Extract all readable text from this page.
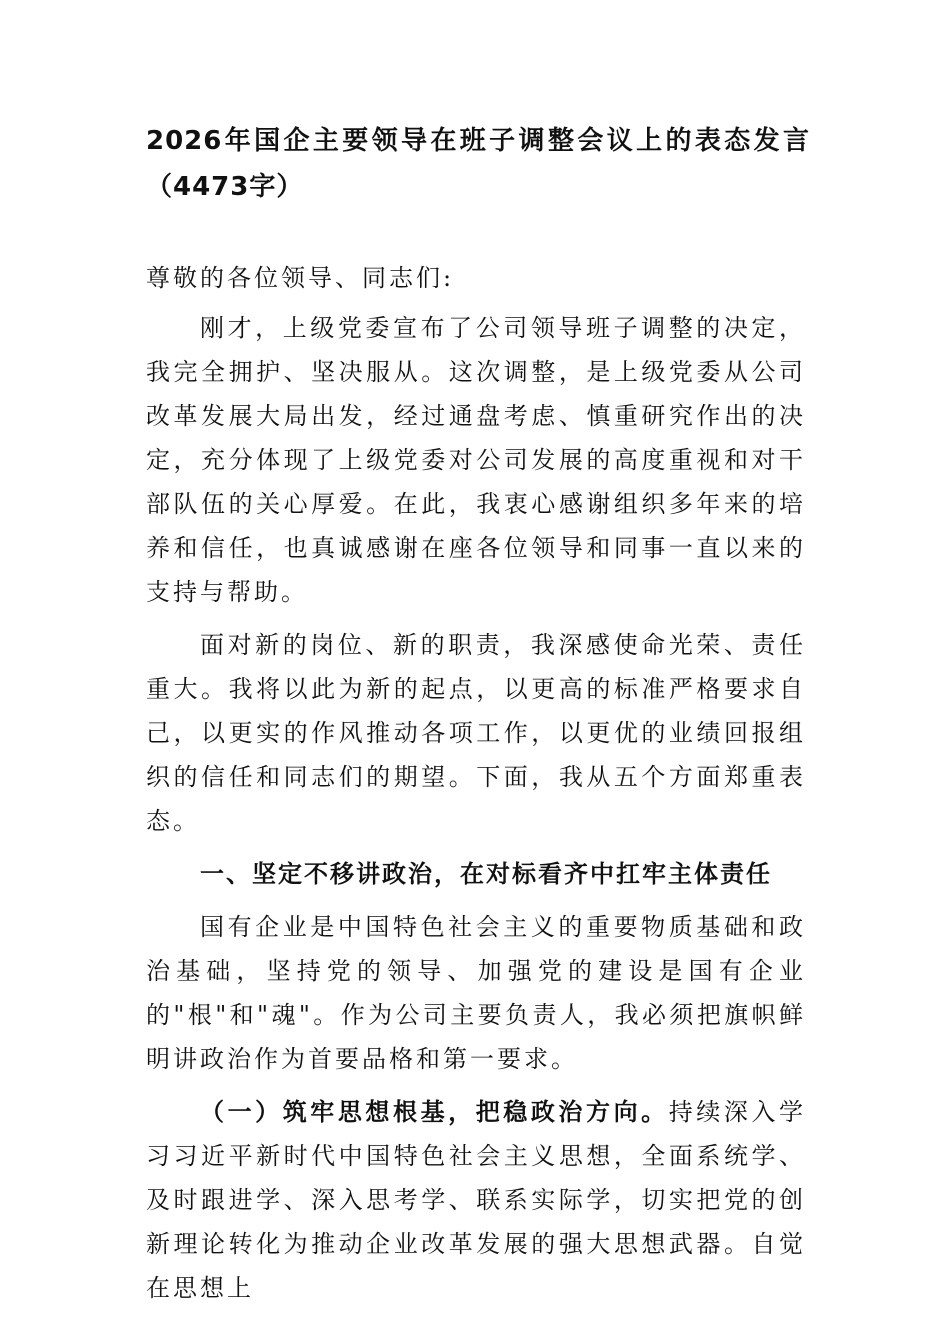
2026年国企主要领导在班子调整会议上的表态发言（4473字）

尊敬的各位领导、同志们:

刚才，上级党委宣布了公司领导班子调整的决定，我完全拥护、坚决服从。这次调整，是上级党委从公司改革发展大局出发，经过通盘考虑、慎重研究作出的决定，充分体现了上级党委对公司发展的高度重视和对干部队伍的关心厚爱。在此，我衷心感谢组织多年来的培养和信任，也真诚感谢在座各位领导和同事一直以来的支持与帮助。

面对新的岗位、新的职责，我深感使命光荣、责任重大。我将以此为新的起点，以更高的标准严格要求自己，以更实的作风推动各项工作，以更优的业绩回报组织的信任和同志们的期望。下面，我从五个方面郑重表态。

一、坚定不移讲政治，在对标看齐中扛牢主体责任

国有企业是中国特色社会主义的重要物质基础和政治基础，坚持党的领导、加强党的建设是国有企业的"根"和"魂"。作为公司主要负责人，我必须把旗帜鲜明讲政治作为首要品格和第一要求。

（一）筑牢思想根基，把稳政治方向。持续深入学习习近平新时代中国特色社会主义思想，全面系统学、及时跟进学、深入思考学、联系实际学，切实把党的创新理论转化为推动企业改革发展的强大思想武器。自觉在思想上
